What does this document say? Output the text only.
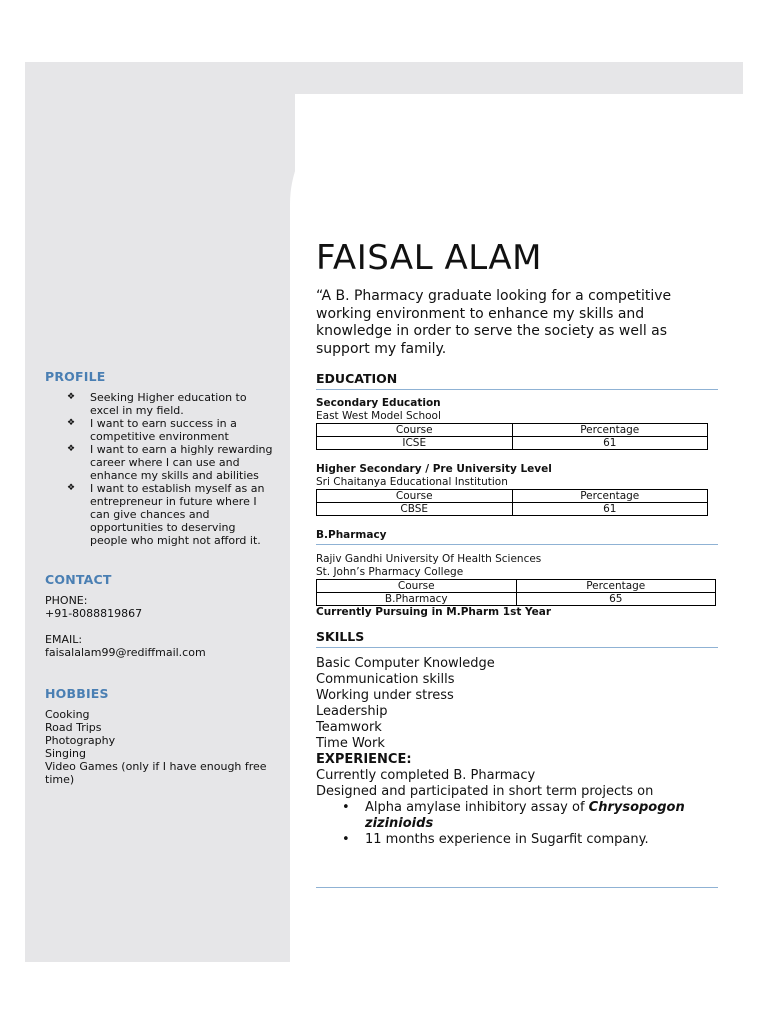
PROFILE

❖ Seeking Higher education to excel in my field.
❖ I want to earn success in a competitive environment
❖ I want to earn a highly rewarding career where I can use and enhance my skills and abilities
❖ I want to establish myself as an entrepreneur in future where I can give chances and opportunities to deserving people who might not afford it.

CONTACT

PHONE:

+91-8088819867

EMAIL:

faisalalam99@rediffmail.com

HOBBIES

Cooking

Road Trips

Photography

Singing

Video Games (only if I have enough free time)

FAISAL ALAM

“A B. Pharmacy graduate looking for a competitive working environment to enhance my skills and knowledge in order to serve the society as well as support my family.

EDUCATION

Secondary Education

East West Model School

Course	Percentage
ICSE	61

Higher Secondary / Pre University Level

Sri Chaitanya Educational Institution

Course	Percentage
CBSE	61

B.Pharmacy

Rajiv Gandhi University Of Health Sciences

St. John’s Pharmacy College

Course	Percentage
B.Pharmacy	65

Currently Pursuing in M.Pharm 1st Year

SKILLS

Basic Computer Knowledge

Communication skills

Working under stress

Leadership

Teamwork

Time Work

EXPERIENCE:

Currently completed B. Pharmacy

Designed and participated in short term projects on

• Alpha amylase inhibitory assay of Chrysopogon zizinioids
• 11 months experience in Sugarfit company.
